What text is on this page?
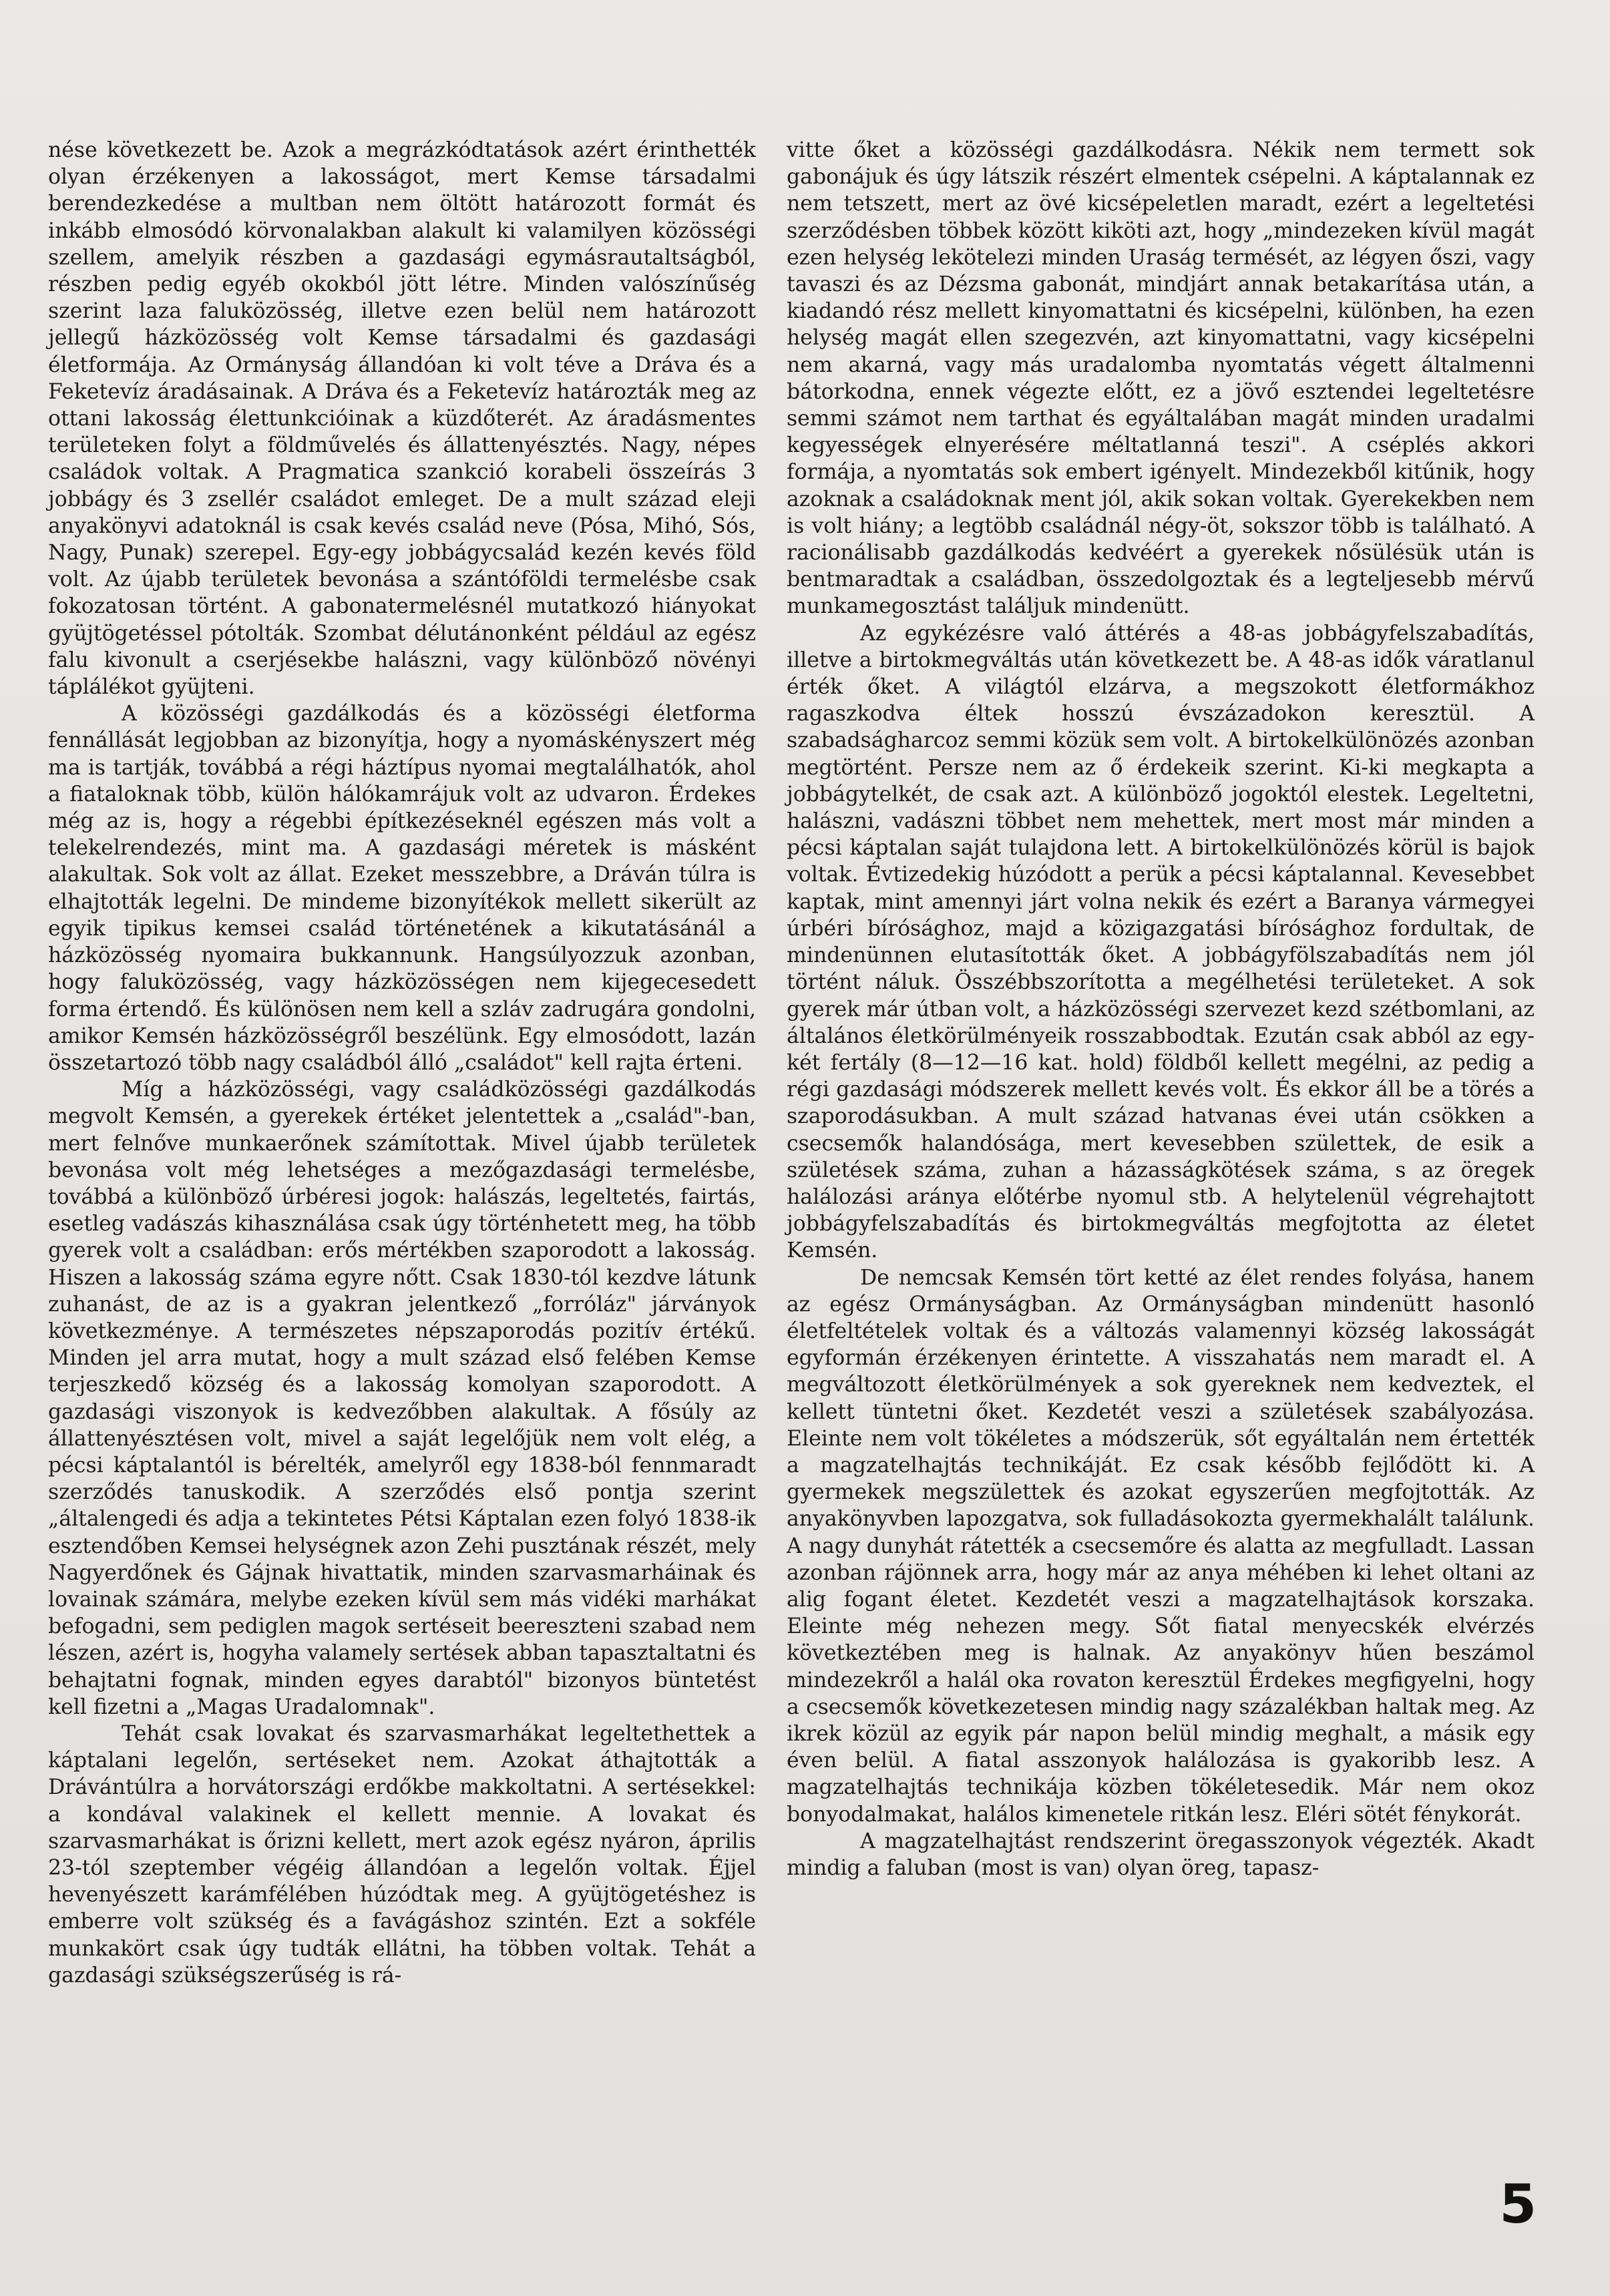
nése következett be. Azok a megrázkódtatások azért érinthették olyan érzékenyen a lakosságot, mert Kemse társadalmi berendezkedése a multban nem öltött határozott formát és inkább elmosódó körvonalakban alakult ki valamilyen közösségi szellem, amelyik részben a gazdasági egymásrautaltságból, részben pedig egyéb okokból jött létre. Minden valószínűség szerint laza faluközösség, illetve ezen belül nem határozott jellegű házközösség volt Kemse társadalmi és gazdasági életformája. Az Ormányság állandóan ki volt téve a Dráva és a Feketevíz áradásainak. A Dráva és a Feketevíz határozták meg az ottani lakosság élettunkcióinak a küzdőterét. Az áradásmentes területeken folyt a földművelés és állattenyésztés. Nagy, népes családok voltak. A Pragmatica szankció korabeli összeírás 3 jobbágy és 3 zsellér családot emleget. De a mult század eleji anyakönyvi adatoknál is csak kevés család neve (Pósa, Mihó, Sós, Nagy, Punak) szerepel. Egy-egy jobbágycsalád kezén kevés föld volt. Az újabb területek bevonása a szántóföldi termelésbe csak fokozatosan történt. A gabonatermelésnél mutatkozó hiányokat gyüjtögetéssel pótolták. Szombat délutánonként például az egész falu kivonult a cserjésekbe halászni, vagy különböző növényi táplálékot gyüjteni.

A közösségi gazdálkodás és a közösségi életforma fennállását legjobban az bizonyítja, hogy a nyomáskényszert még ma is tartják, továbbá a régi háztípus nyomai megtalálhatók, ahol a fiataloknak több, külön hálókamrájuk volt az udvaron. Érdekes még az is, hogy a régebbi építkezéseknél egészen más volt a telekelrendezés, mint ma. A gazdasági méretek is másként alakultak. Sok volt az állat. Ezeket messzebbre, a Dráván túlra is elhajtották legelni. De mindeme bizonyítékok mellett sikerült az egyik tipikus kemsei család történetének a kikutatásánál a házközösség nyomaira bukkannunk. Hangsúlyozzuk azonban, hogy faluközösség, vagy házközösségen nem kijegecesedett forma értendő. És különösen nem kell a szláv zadrugára gondolni, amikor Kemsén házközösségről beszélünk. Egy elmosódott, lazán összetartozó több nagy családból álló „családot" kell rajta érteni.

Míg a házközösségi, vagy családközösségi gazdálkodás megvolt Kemsén, a gyerekek értéket jelentettek a „család"-ban, mert felnőve munkaerőnek számítottak. Mivel újabb területek bevonása volt még lehetséges a mezőgazdasági termelésbe, továbbá a különböző úrbéresi jogok: halászás, legeltetés, fairtás, esetleg vadászás kihasználása csak úgy történhetett meg, ha több gyerek volt a családban: erős mértékben szaporodott a lakosság. Hiszen a lakosság száma egyre nőtt. Csak 1830-tól kezdve látunk zuhanást, de az is a gyakran jelentkező „forróláz" járványok következménye. A természetes népszaporodás pozitív értékű. Minden jel arra mutat, hogy a mult század első felében Kemse terjeszkedő község és a lakosság komolyan szaporodott. A gazdasági viszonyok is kedvezőbben alakultak. A fősúly az állattenyésztésen volt, mivel a saját legelőjük nem volt elég, a pécsi káptalantól is bérelték, amelyről egy 1838-ból fennmaradt szerződés tanuskodik. A szerződés első pontja szerint „általengedi és adja a tekintetes Pétsi Káptalan ezen folyó 1838-ik esztendőben Kemsei helységnek azon Zehi pusztának részét, mely Nagyerdőnek és Gájnak hivattatik, minden szarvasmarháinak és lovainak számára, melybe ezeken kívül sem más vidéki marhákat befogadni, sem pediglen magok sertéseit beereszteni szabad nem lészen, azért is, hogyha valamely sertések abban tapasztaltatni és behajtatni fognak, minden egyes darabtól" bizonyos büntetést kell fizetni a „Magas Uradalomnak".

Tehát csak lovakat és szarvasmarhákat legeltethettek a káptalani legelőn, sertéseket nem. Azokat áthajtották a Drávántúlra a horvátországi erdőkbe makkoltatni. A sertésekkel: a kondával valakinek el kellett mennie. A lovakat és szarvasmarhákat is őrizni kellett, mert azok egész nyáron, április 23-tól szeptember végéig állandóan a legelőn voltak. Éjjel hevenyészett karámfélében húzódtak meg. A gyüjtögetéshez is emberre volt szükség és a favágáshoz szintén. Ezt a sokféle munkakört csak úgy tudták ellátni, ha többen voltak. Tehát a gazdasági szükségszerűség is rá-

vitte őket a közösségi gazdálkodásra. Nékik nem termett sok gabonájuk és úgy látszik részért elmentek csépelni. A káptalannak ez nem tetszett, mert az övé kicsépeletlen maradt, ezért a legeltetési szerződésben többek között kiköti azt, hogy „mindezeken kívül magát ezen helység lekötelezi minden Uraság termését, az légyen őszi, vagy tavaszi és az Dézsma gabonát, mindjárt annak betakarítása után, a kiadandó rész mellett kinyomattatni és kicsépelni, különben, ha ezen helység magát ellen szegezvén, azt kinyomattatni, vagy kicsépelni nem akarná, vagy más uradalomba nyomtatás végett általmenni bátorkodna, ennek végezte előtt, ez a jövő esztendei legeltetésre semmi számot nem tarthat és egyáltalában magát minden uradalmi kegyességek elnyerésére méltatlanná teszi". A cséplés akkori formája, a nyomtatás sok embert igényelt. Mindezekből kitűnik, hogy azoknak a családoknak ment jól, akik sokan voltak. Gyerekekben nem is volt hiány; a legtöbb családnál négy-öt, sokszor több is található. A racionálisabb gazdálkodás kedvéért a gyerekek nősülésük után is bentmaradtak a családban, összedolgoztak és a legteljesebb mérvű munkamegosztást találjuk mindenütt.

Az egykézésre való áttérés a 48-as jobbágyfelszabadítás, illetve a birtokmegváltás után következett be. A 48-as idők váratlanul érték őket. A világtól elzárva, a megszokott életformákhoz ragaszkodva éltek hosszú évszázadokon keresztül. A szabadságharcoz semmi közük sem volt. A birtokelkülönözés azonban megtörtént. Persze nem az ő érdekeik szerint. Ki-ki megkapta a jobbágytelkét, de csak azt. A különböző jogoktól elestek. Legeltetni, halászni, vadászni többet nem mehettek, mert most már minden a pécsi káptalan saját tulajdona lett. A birtokelkülönözés körül is bajok voltak. Évtizedekig húzódott a perük a pécsi káptalannal. Kevesebbet kaptak, mint amennyi járt volna nekik és ezért a Baranya vármegyei úrbéri bírósághoz, majd a közigazgatási bírósághoz fordultak, de mindenünnen elutasították őket. A jobbágyfölszabadítás nem jól történt náluk. Összébbszorította a megélhetési területeket. A sok gyerek már útban volt, a házközösségi szervezet kezd szétbomlani, az általános életkörülményeik rosszabbodtak. Ezután csak abból az egy-két fertály (8—12—16 kat. hold) földből kellett megélni, az pedig a régi gazdasági módszerek mellett kevés volt. És ekkor áll be a törés a szaporodásukban. A mult század hatvanas évei után csökken a csecsemők halandósága, mert kevesebben születtek, de esik a születések száma, zuhan a házasságkötések száma, s az öregek halálozási aránya előtérbe nyomul stb. A helytelenül végrehajtott jobbágyfelszabadítás és birtokmegváltás megfojtotta az életet Kemsén.

De nemcsak Kemsén tört ketté az élet rendes folyása, hanem az egész Ormányságban. Az Ormányságban mindenütt hasonló életfeltételek voltak és a változás valamennyi község lakosságát egyformán érzékenyen érintette. A visszahatás nem maradt el. A megváltozott életkörülmények a sok gyereknek nem kedveztek, el kellett tüntetni őket. Kezdetét veszi a születések szabályozása. Eleinte nem volt tökéletes a módszerük, sőt egyáltalán nem értették a magzatelhajtás technikáját. Ez csak később fejlődött ki. A gyermekek megszülettek és azokat egyszerűen megfojtották. Az anyakönyvben lapozgatva, sok fulladásokozta gyermekhalált találunk. A nagy dunyhát rátették a csecsemőre és alatta az megfulladt. Lassan azonban rájönnek arra, hogy már az anya méhében ki lehet oltani az alig fogant életet. Kezdetét veszi a magzatelhajtások korszaka. Eleinte még nehezen megy. Sőt fiatal menyecskék elvérzés következtében meg is halnak. Az anyakönyv hűen beszámol mindezekről a halál oka rovaton keresztül Érdekes megfigyelni, hogy a csecsemők következetesen mindig nagy százalékban haltak meg. Az ikrek közül az egyik pár napon belül mindig meghalt, a másik egy éven belül. A fiatal asszonyok halálozása is gyakoribb lesz. A magzatelhajtás technikája közben tökéletesedik. Már nem okoz bonyodalmakat, halálos kimenetele ritkán lesz. Eléri sötét fénykorát.

A magzatelhajtást rendszerint öregasszonyok végezték. Akadt mindig a faluban (most is van) olyan öreg, tapasz-

5
